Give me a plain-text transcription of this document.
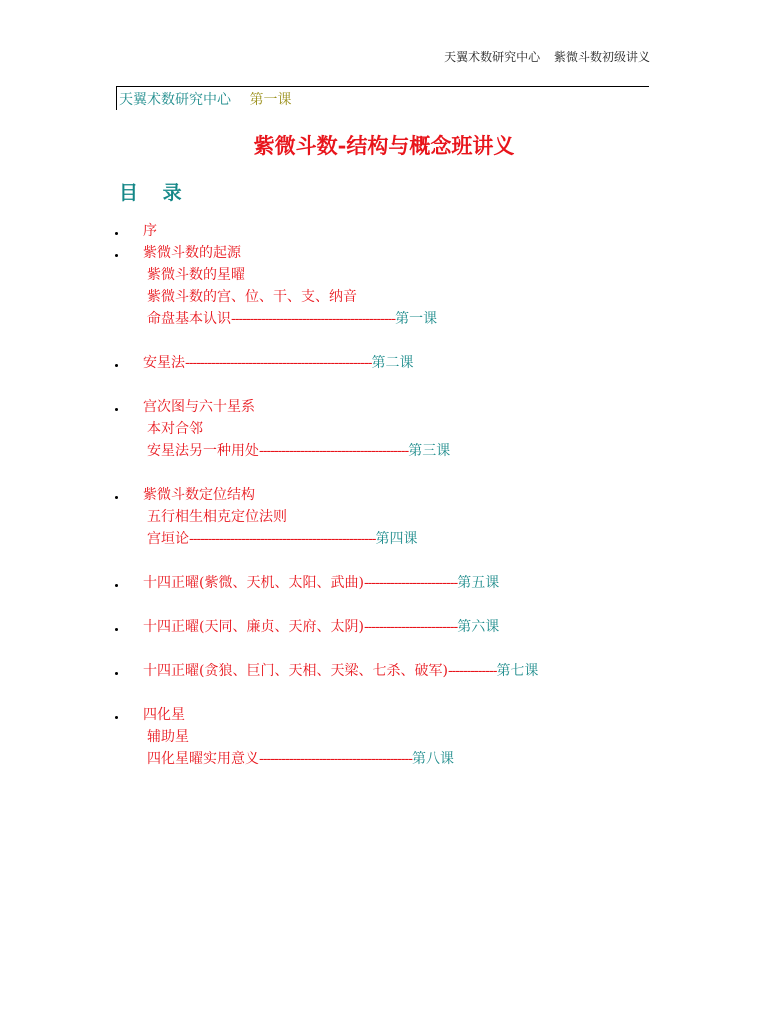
天翼术数研究中心 紫微斗数初级讲义
天翼术数研究中心 第一课
紫微斗数-结构与概念班讲义
目 录
序
紫微斗数的起源
紫微斗数的星曜
紫微斗数的宫、位、干、支、纳音
命盘基本认识--------------------------------------------第一课
安星法--------------------------------------------------第二课
宫次图与六十星系
本对合邻
安星法另一种用处----------------------------------------第三课
紫微斗数定位结构
五行相生相克定位法则
宫垣论--------------------------------------------------第四课
十四正曜(紫微、天机、太阳、武曲)-------------------------第五课
十四正曜(天同、廉贞、天府、太阴)-------------------------第六课
十四正曜(贪狼、巨门、天相、天梁、七杀、破军)-------------第七课
四化星
辅助星
四化星曜实用意义-----------------------------------------第八课
